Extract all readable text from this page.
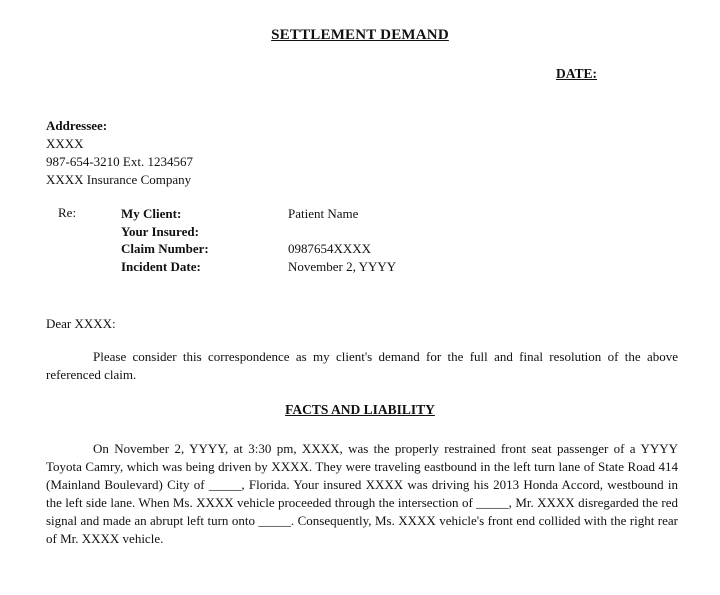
SETTLEMENT DEMAND
DATE:
Addressee:
XXXX
987-654-3210 Ext. 1234567
XXXX Insurance Company
Re:	My Client:
Your Insured:
Claim Number:
Incident Date:
Patient Name
0987654XXXX
November 2, YYYY
Dear XXXX:
Please consider this correspondence as my client's demand for the full and final resolution of the above referenced claim.
FACTS AND LIABILITY
On November 2, YYYY, at 3:30 pm, XXXX, was the properly restrained front seat passenger of a YYYY Toyota Camry, which was being driven by XXXX. They were traveling eastbound in the left turn lane of State Road 414 (Mainland Boulevard) City of _____, Florida. Your insured XXXX was driving his 2013 Honda Accord, westbound in the left side lane. When Ms. XXXX vehicle proceeded through the intersection of _____, Mr. XXXX disregarded the red signal and made an abrupt left turn onto _____. Consequently, Ms. XXXX vehicle's front end collided with the right rear of Mr. XXXX vehicle.
